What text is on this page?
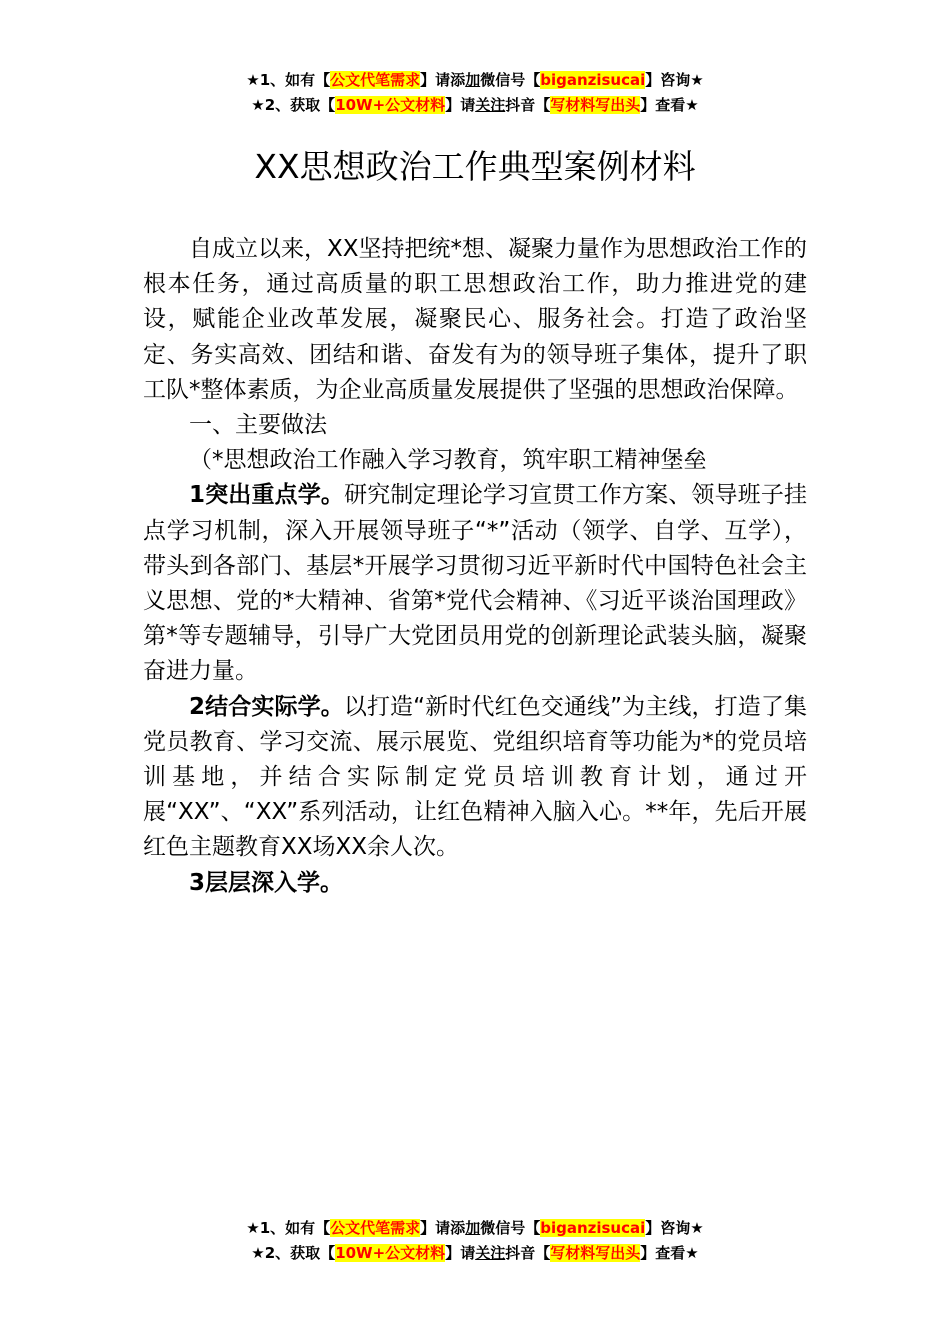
★1、如有【公文代笔需求】请添加微信号【biganzisucai】咨询★
★2、获取【10W+公文材料】请关注抖音【写材料写出头】查看★
XX思想政治工作典型案例材料

自成立以来，XX坚持把统*想、凝聚力量作为思想政治工作的根本任务，通过高质量的职工思想政治工作，助力推进党的建设，赋能企业改革发展，凝聚民心、服务社会。打造了政治坚定、务实高效、团结和谐、奋发有为的领导班子集体，提升了职工队*整体素质，为企业高质量发展提供了坚强的思想政治保障。

一、主要做法

（*思想政治工作融入学习教育，筑牢职工精神堡垒

1突出重点学。研究制定理论学习宣贯工作方案、领导班子挂点学习机制，深入开展领导班子“*”活动（领学、自学、互学），带头到各部门、基层*开展学习贯彻习近平新时代中国特色社会主义思想、党的*大精神、省第*党代会精神、《习近平谈治国理政》第*等专题辅导，引导广大党团员用党的创新理论武装头脑，凝聚奋进力量。

2结合实际学。以打造“新时代红色交通线”为主线，打造了集党员教育、学习交流、展示展览、党组织培育等功能为*的党员培训基地，并结合实际制定党员培训教育计划，通过开展“XX”、“XX”系列活动，让红色精神入脑入心。**年，先后开展红色主题教育XX场XX余人次。

3层层深入学。

★1、如有【公文代笔需求】请添加微信号【biganzisucai】咨询★
★2、获取【10W+公文材料】请关注抖音【写材料写出头】查看★
